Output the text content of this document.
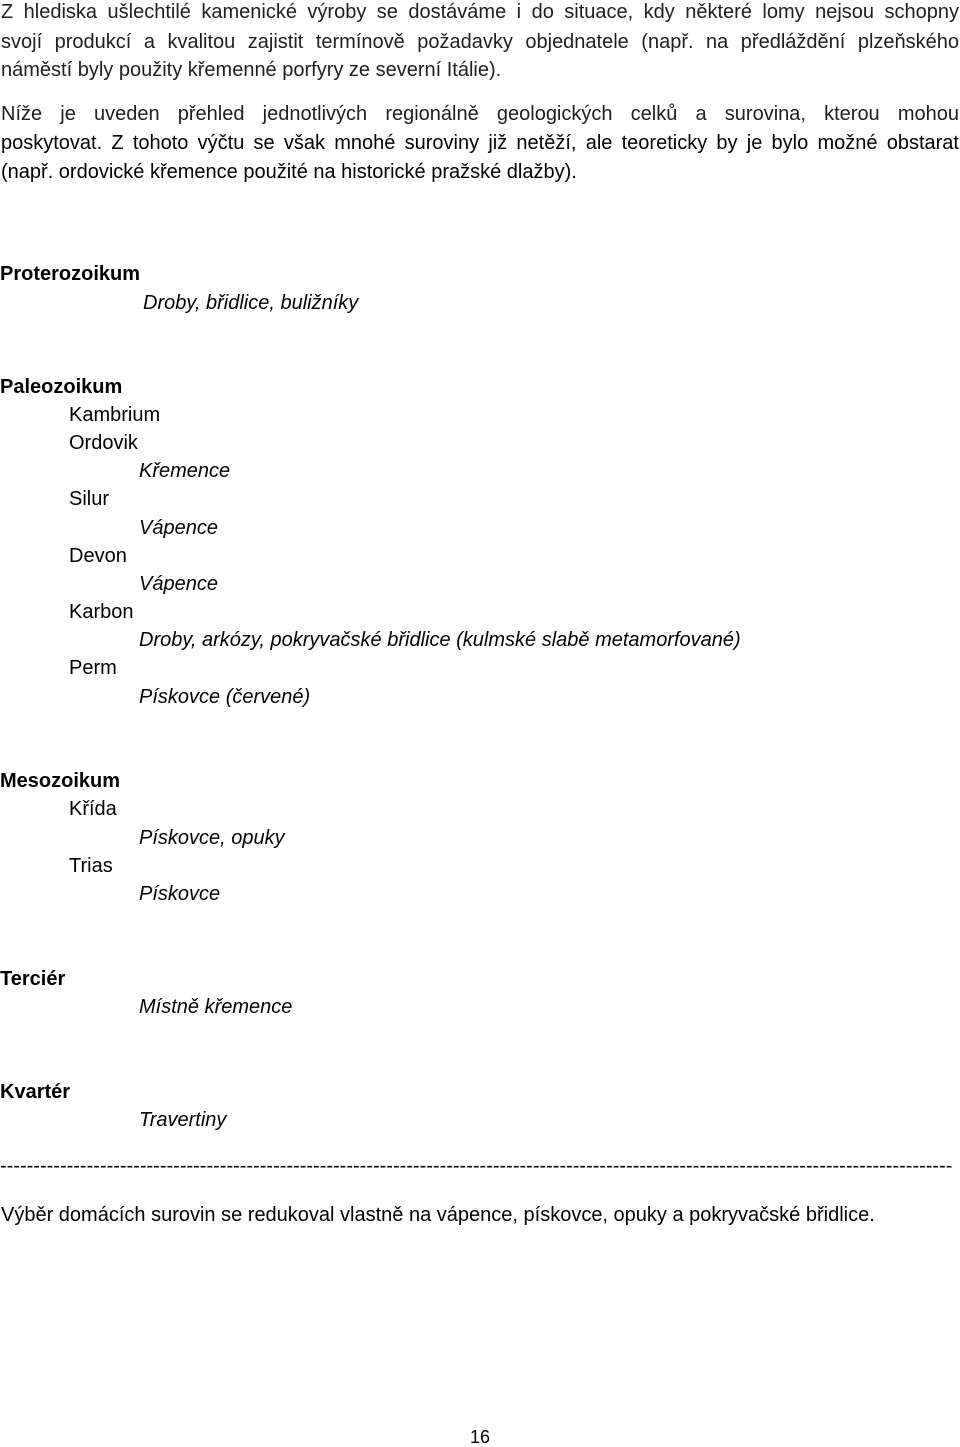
Z hlediska ušlechtilé kamenické výroby se dostáváme i do situace, kdy některé lomy nejsou schopny
svojí produkcí a kvalitou zajistit termínově požadavky objednatele (např. na předláždění plzeňského
náměstí byly použity křemenné porfyry ze severní Itálie).
Níže je uveden přehled jednotlivých regionálně geologických celků a surovina, kterou mohou
poskytovat. Z tohoto výčtu se však mnohé suroviny již netěží, ale teoreticky by je bylo možné obstarat
(např. ordovické křemence použité na historické pražské dlažby).
Proterozoikum
Droby, břidlice, buližníky
Paleozoikum
Kambrium
Ordovik
Křemence
Silur
Vápence
Devon
Vápence
Karbon
Droby, arkózy, pokryvačské břidlice (kulmské slabě metamorfované)
Perm
Pískovce (červené)
Mesozoikum
Křída
Pískovce, opuky
Trias
Pískovce
Terciér
Místně křemence
Kvartér
Travertiny
-----------------------------------------------------------------------------------------------------------------------------------------------
Výběr domácích surovin se redukoval vlastně na vápence, pískovce, opuky a pokryvačské břidlice.
16
